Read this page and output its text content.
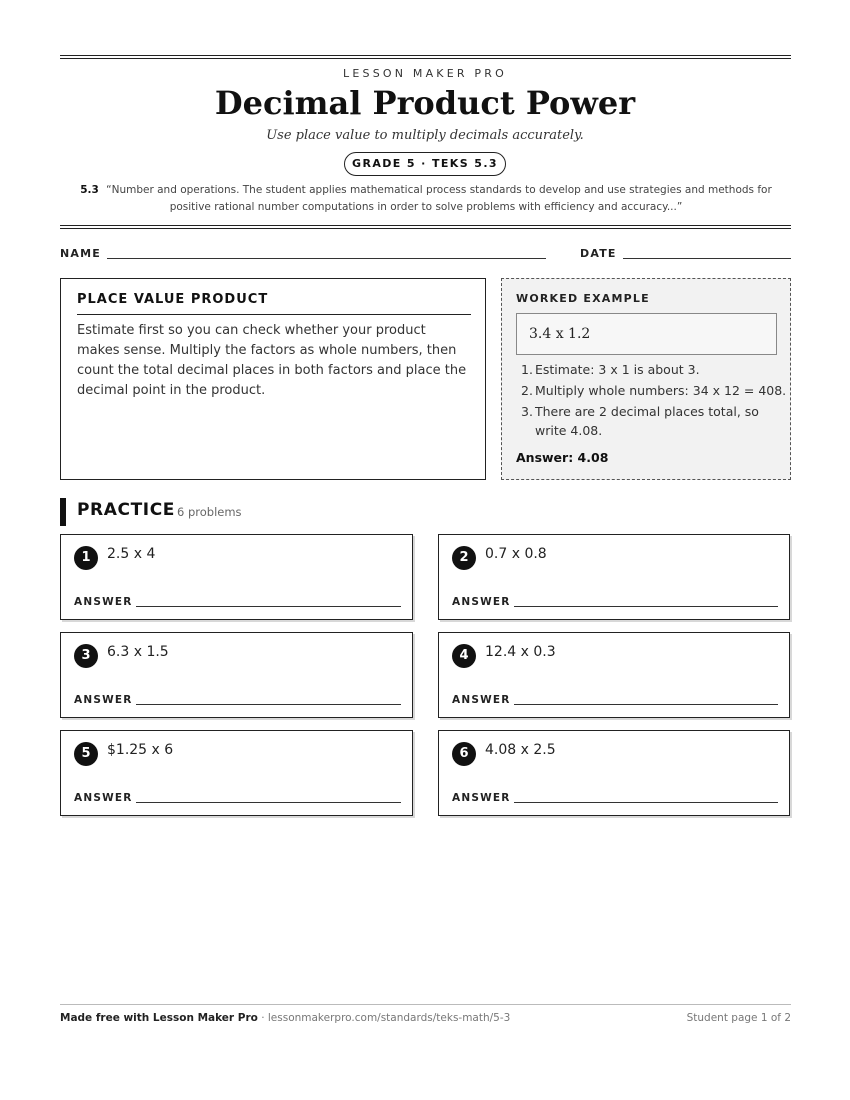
LESSON MAKER PRO
Decimal Product Power
Use place value to multiply decimals accurately.
GRADE 5 · TEKS 5.3
5.3 “Number and operations. The student applies mathematical process standards to develop and use strategies and methods for positive rational number computations in order to solve problems with efficiency and accuracy...”
NAME	DATE
PLACE VALUE PRODUCT
Estimate first so you can check whether your product makes sense. Multiply the factors as whole numbers, then count the total decimal places in both factors and place the decimal point in the product.
WORKED EXAMPLE
3.4 x 1.2
1. Estimate: 3 x 1 is about 3.
2. Multiply whole numbers: 34 x 12 = 408.
3. There are 2 decimal places total, so write 4.08.
Answer: 4.08
PRACTICE 6 problems
1	2.5 x 4
ANSWER
2	0.7 x 0.8
ANSWER
3	6.3 x 1.5
ANSWER
4	12.4 x 0.3
ANSWER
5	$1.25 x 6
ANSWER
6	4.08 x 2.5
ANSWER
Made free with Lesson Maker Pro · lessonmakerpro.com/standards/teks-math/5-3	Student page 1 of 2
